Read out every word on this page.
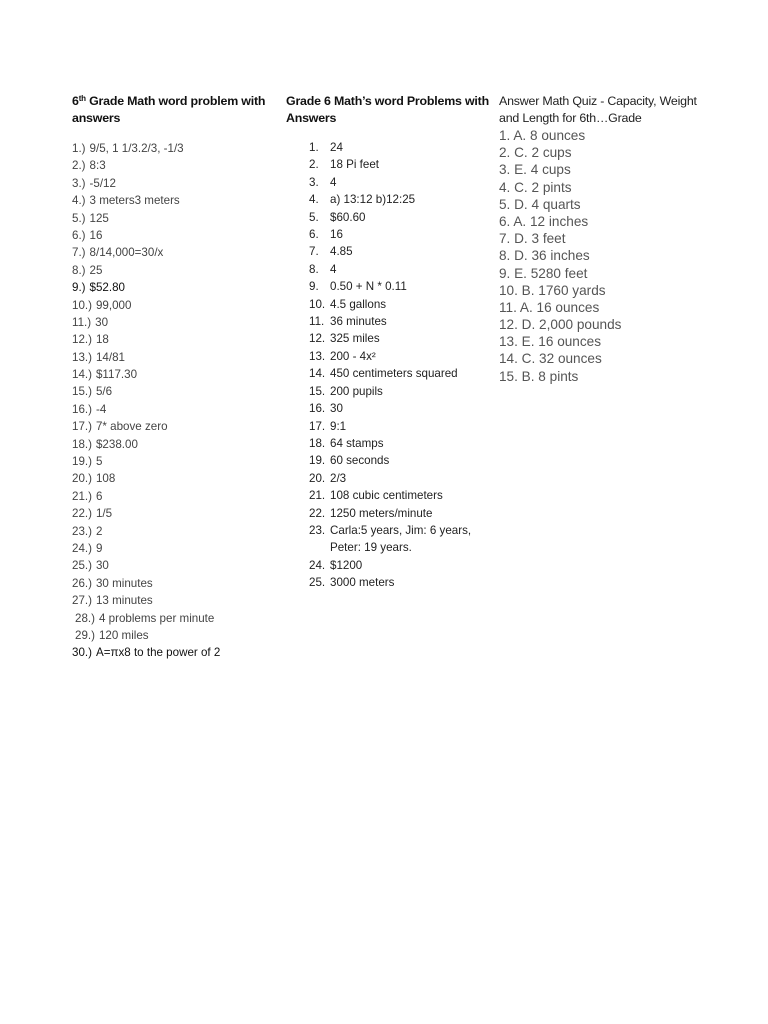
6th Grade Math word problem with
answers
1.) 9/5, 1 1/3.2/3, -1/3
2.) 8:3
3.) -5/12
4.) 3 meters3 meters
5.) 125
6.) 16
7.) 8/14,000=30/x
8.) 25
9.) $52.80
10.) 99,000
11.) 30
12.) 18
13.) 14/81
14.) $117.30
15.) 5/6
16.) -4
17.) 7* above zero
18.) $238.00
19.) 5
20.) 108
21.) 6
22.) 1/5
23.) 2
24.) 9
25.) 30
26.) 30 minutes
27.) 13 minutes
28.) 4 problems per minute
29.) 120 miles
30.) A=πx8 to the power of 2
Grade 6 Math’s word Problems with
Answers
1. 24
2. 18 Pi feet
3. 4
4. a) 13:12 b)12:25
5. $60.60
6. 16
7. 4.85
8. 4
9. 0.50 + N * 0.11
10. 4.5 gallons
11. 36 minutes
12. 325 miles
13. 200 - 4x²
14. 450 centimeters squared
15. 200 pupils
16. 30
17. 9:1
18. 64 stamps
19. 60 seconds
20. 2/3
21. 108 cubic centimeters
22. 1250 meters/minute
23. Carla:5 years, Jim: 6 years, Peter: 19 years.
24. $1200
25. 3000 meters
Answer Math Quiz - Capacity, Weight
and Length for 6th…Grade
1. A. 8 ounces
2. C. 2 cups
3. E. 4 cups
4. C. 2 pints
5. D. 4 quarts
6. A. 12 inches
7. D. 3 feet
8. D. 36 inches
9. E. 5280 feet
10. B. 1760 yards
11. A. 16 ounces
12. D. 2,000 pounds
13. E. 16 ounces
14. C. 32 ounces
15. B. 8 pints
